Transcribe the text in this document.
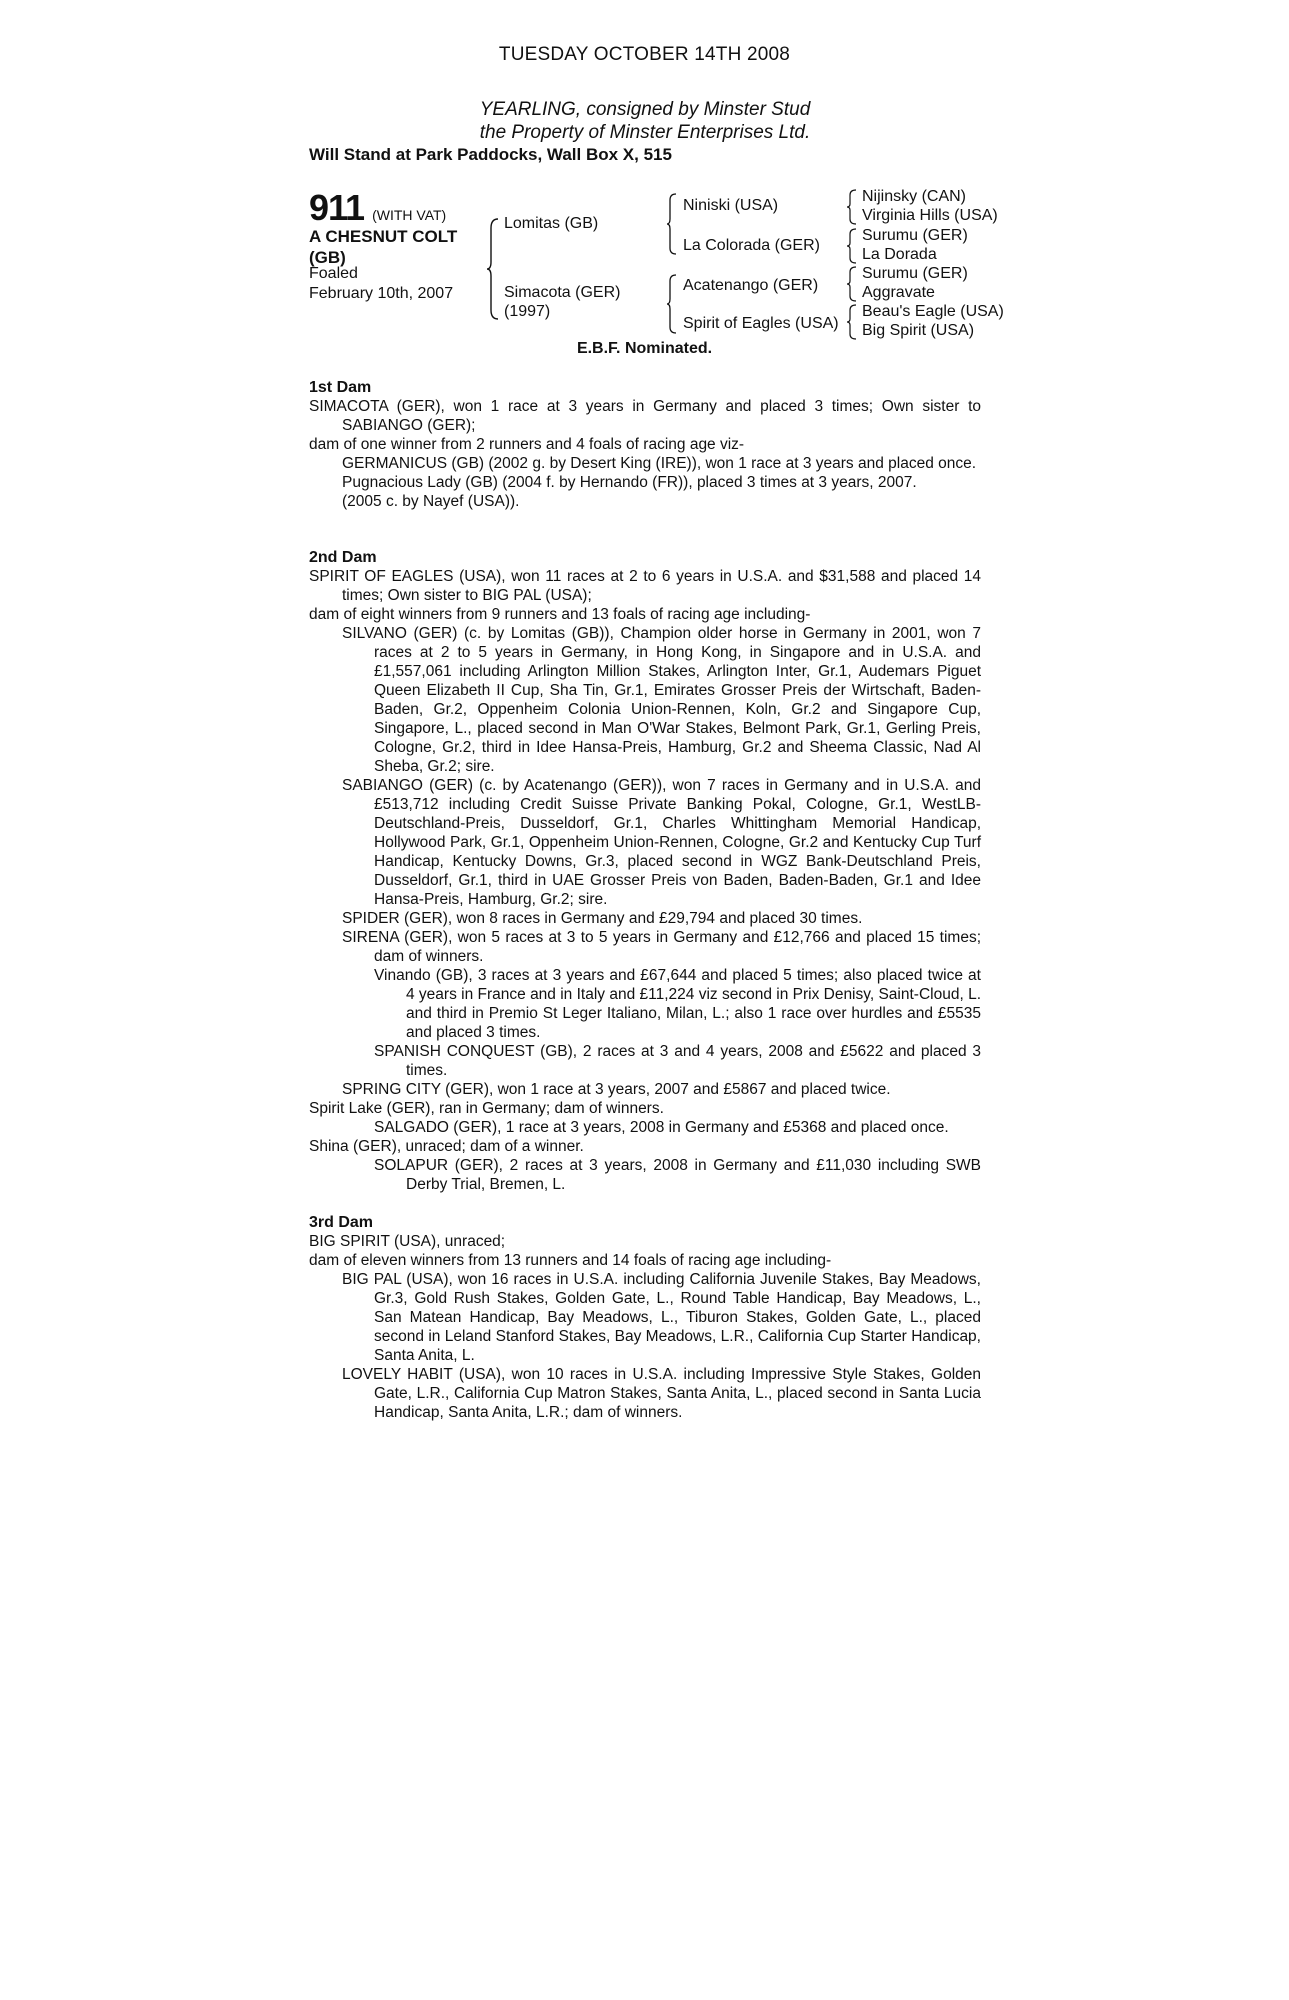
TUESDAY OCTOBER 14TH 2008
YEARLING, consigned by Minster Stud
the Property of Minster Enterprises Ltd.
Will Stand at Park Paddocks, Wall Box X, 515
911 (WITH VAT)
A CHESNUT COLT
(GB)
Foaled
February 10th, 2007
Lomitas (GB)
Simacota (GER)
(1997)
Niniski (USA)
La Colorada (GER)
Acatenango (GER)
Spirit of Eagles (USA)
Nijinsky (CAN)
Virginia Hills (USA)
Surumu (GER)
La Dorada
Surumu (GER)
Aggravate
Beau's Eagle (USA)
Big Spirit (USA)
E.B.F. Nominated.

1st Dam

SIMACOTA (GER), won 1 race at 3 years in Germany and placed 3 times; Own sister to SABIANGO (GER);

dam of one winner from 2 runners and 4 foals of racing age viz-

GERMANICUS (GB) (2002 g. by Desert King (IRE)), won 1 race at 3 years and placed once.

Pugnacious Lady (GB) (2004 f. by Hernando (FR)), placed 3 times at 3 years, 2007.

(2005 c. by Nayef (USA)).

2nd Dam

SPIRIT OF EAGLES (USA), won 11 races at 2 to 6 years in U.S.A. and $31,588 and placed 14 times; Own sister to BIG PAL (USA);

dam of eight winners from 9 runners and 13 foals of racing age including-

SILVANO (GER) (c. by Lomitas (GB)), Champion older horse in Germany in 2001, won 7 races at 2 to 5 years in Germany, in Hong Kong, in Singapore and in U.S.A. and £1,557,061 including Arlington Million Stakes, Arlington Inter, Gr.1, Audemars Piguet Queen Elizabeth II Cup, Sha Tin, Gr.1, Emirates Grosser Preis der Wirtschaft, Baden-Baden, Gr.2, Oppenheim Colonia Union-Rennen, Koln, Gr.2 and Singapore Cup, Singapore, L., placed second in Man O'War Stakes, Belmont Park, Gr.1, Gerling Preis, Cologne, Gr.2, third in Idee Hansa-Preis, Hamburg, Gr.2 and Sheema Classic, Nad Al Sheba, Gr.2; sire.

SABIANGO (GER) (c. by Acatenango (GER)), won 7 races in Germany and in U.S.A. and £513,712 including Credit Suisse Private Banking Pokal, Cologne, Gr.1, WestLB-Deutschland-Preis, Dusseldorf, Gr.1, Charles Whittingham Memorial Handicap, Hollywood Park, Gr.1, Oppenheim Union-Rennen, Cologne, Gr.2 and Kentucky Cup Turf Handicap, Kentucky Downs, Gr.3, placed second in WGZ Bank-Deutschland Preis, Dusseldorf, Gr.1, third in UAE Grosser Preis von Baden, Baden-Baden, Gr.1 and Idee Hansa-Preis, Hamburg, Gr.2; sire.

SPIDER (GER), won 8 races in Germany and £29,794 and placed 30 times.

SIRENA (GER), won 5 races at 3 to 5 years in Germany and £12,766 and placed 15 times; dam of winners.

Vinando (GB), 3 races at 3 years and £67,644 and placed 5 times; also placed twice at 4 years in France and in Italy and £11,224 viz second in Prix Denisy, Saint-Cloud, L. and third in Premio St Leger Italiano, Milan, L.; also 1 race over hurdles and £5535 and placed 3 times.

SPANISH CONQUEST (GB), 2 races at 3 and 4 years, 2008 and £5622 and placed 3 times.

SPRING CITY (GER), won 1 race at 3 years, 2007 and £5867 and placed twice.

Spirit Lake (GER), ran in Germany; dam of winners.

SALGADO (GER), 1 race at 3 years, 2008 in Germany and £5368 and placed once.

Shina (GER), unraced; dam of a winner.

SOLAPUR (GER), 2 races at 3 years, 2008 in Germany and £11,030 including SWB Derby Trial, Bremen, L.

3rd Dam

BIG SPIRIT (USA), unraced;

dam of eleven winners from 13 runners and 14 foals of racing age including-

BIG PAL (USA), won 16 races in U.S.A. including California Juvenile Stakes, Bay Meadows, Gr.3, Gold Rush Stakes, Golden Gate, L., Round Table Handicap, Bay Meadows, L., San Matean Handicap, Bay Meadows, L., Tiburon Stakes, Golden Gate, L., placed second in Leland Stanford Stakes, Bay Meadows, L.R., California Cup Starter Handicap, Santa Anita, L.

LOVELY HABIT (USA), won 10 races in U.S.A. including Impressive Style Stakes, Golden Gate, L.R., California Cup Matron Stakes, Santa Anita, L., placed second in Santa Lucia Handicap, Santa Anita, L.R.; dam of winners.
